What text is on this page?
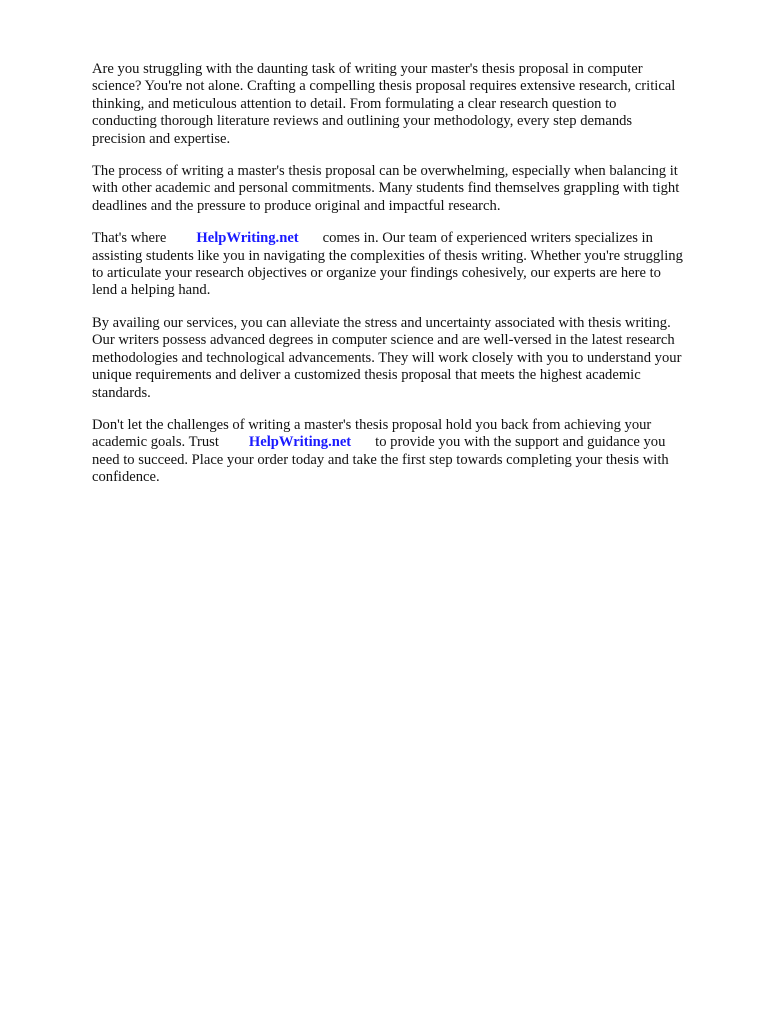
Are you struggling with the daunting task of writing your master's thesis proposal in computer
science? You're not alone. Crafting a compelling thesis proposal requires extensive research, critical
thinking, and meticulous attention to detail. From formulating a clear research question to
conducting thorough literature reviews and outlining your methodology, every step demands
precision and expertise.

The process of writing a master's thesis proposal can be overwhelming, especially when balancing it
with other academic and personal commitments. Many students find themselves grappling with tight
deadlines and the pressure to produce original and impactful research.

That's where HelpWriting.net comes in. Our team of experienced writers specializes in
assisting students like you in navigating the complexities of thesis writing. Whether you're struggling
to articulate your research objectives or organize your findings cohesively, our experts are here to
lend a helping hand.

By availing our services, you can alleviate the stress and uncertainty associated with thesis writing.
Our writers possess advanced degrees in computer science and are well-versed in the latest research
methodologies and technological advancements. They will work closely with you to understand your
unique requirements and deliver a customized thesis proposal that meets the highest academic
standards.

Don't let the challenges of writing a master's thesis proposal hold you back from achieving your
academic goals. Trust HelpWriting.net to provide you with the support and guidance you
need to succeed. Place your order today and take the first step towards completing your thesis with
confidence.
